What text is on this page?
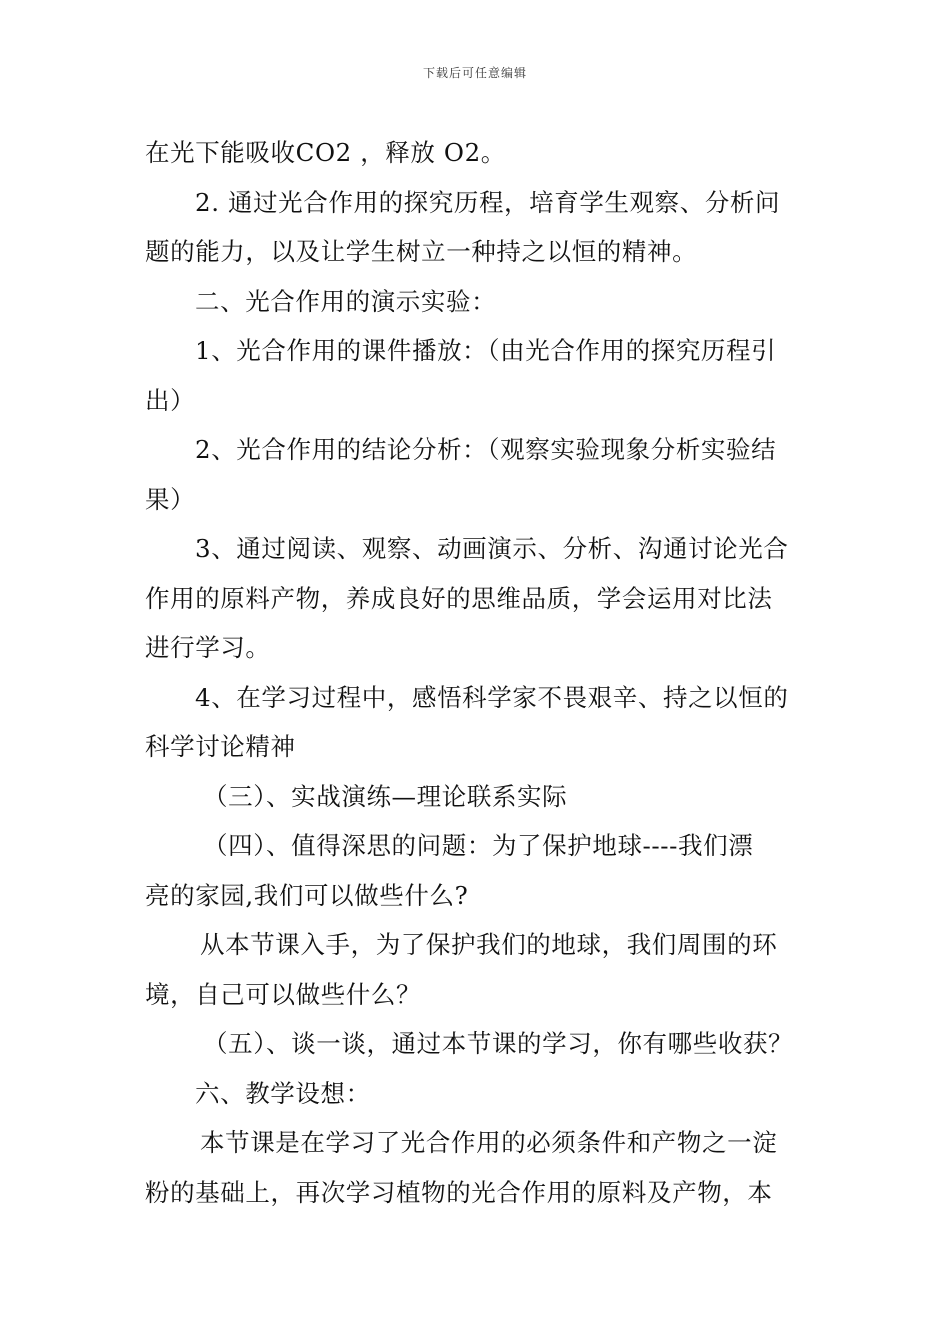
下载后可任意编辑
在光下能吸收CO2 ，释放 O2。
2. 通过光合作用的探究历程，培育学生观察、分析问
题的能力，以及让学生树立一种持之以恒的精神。
二、光合作用的演示实验：
1、光合作用的课件播放：（由光合作用的探究历程引
出）
2、光合作用的结论分析：（观察实验现象分析实验结
果）
3、通过阅读、观察、动画演示、分析、沟通讨论光合
作用的原料产物，养成良好的思维品质，学会运用对比法
进行学习。
4、在学习过程中，感悟科学家不畏艰辛、持之以恒的
科学讨论精神
（三）、实战演练—理论联系实际
（四）、值得深思的问题：为了保护地球----我们漂
亮的家园,我们可以做些什么?
从本节课入手，为了保护我们的地球，我们周围的环
境，自己可以做些什么？
（五）、谈一谈，通过本节课的学习，你有哪些收获？
六、教学设想：
本节课是在学习了光合作用的必须条件和产物之一淀
粉的基础上，再次学习植物的光合作用的原料及产物，本
